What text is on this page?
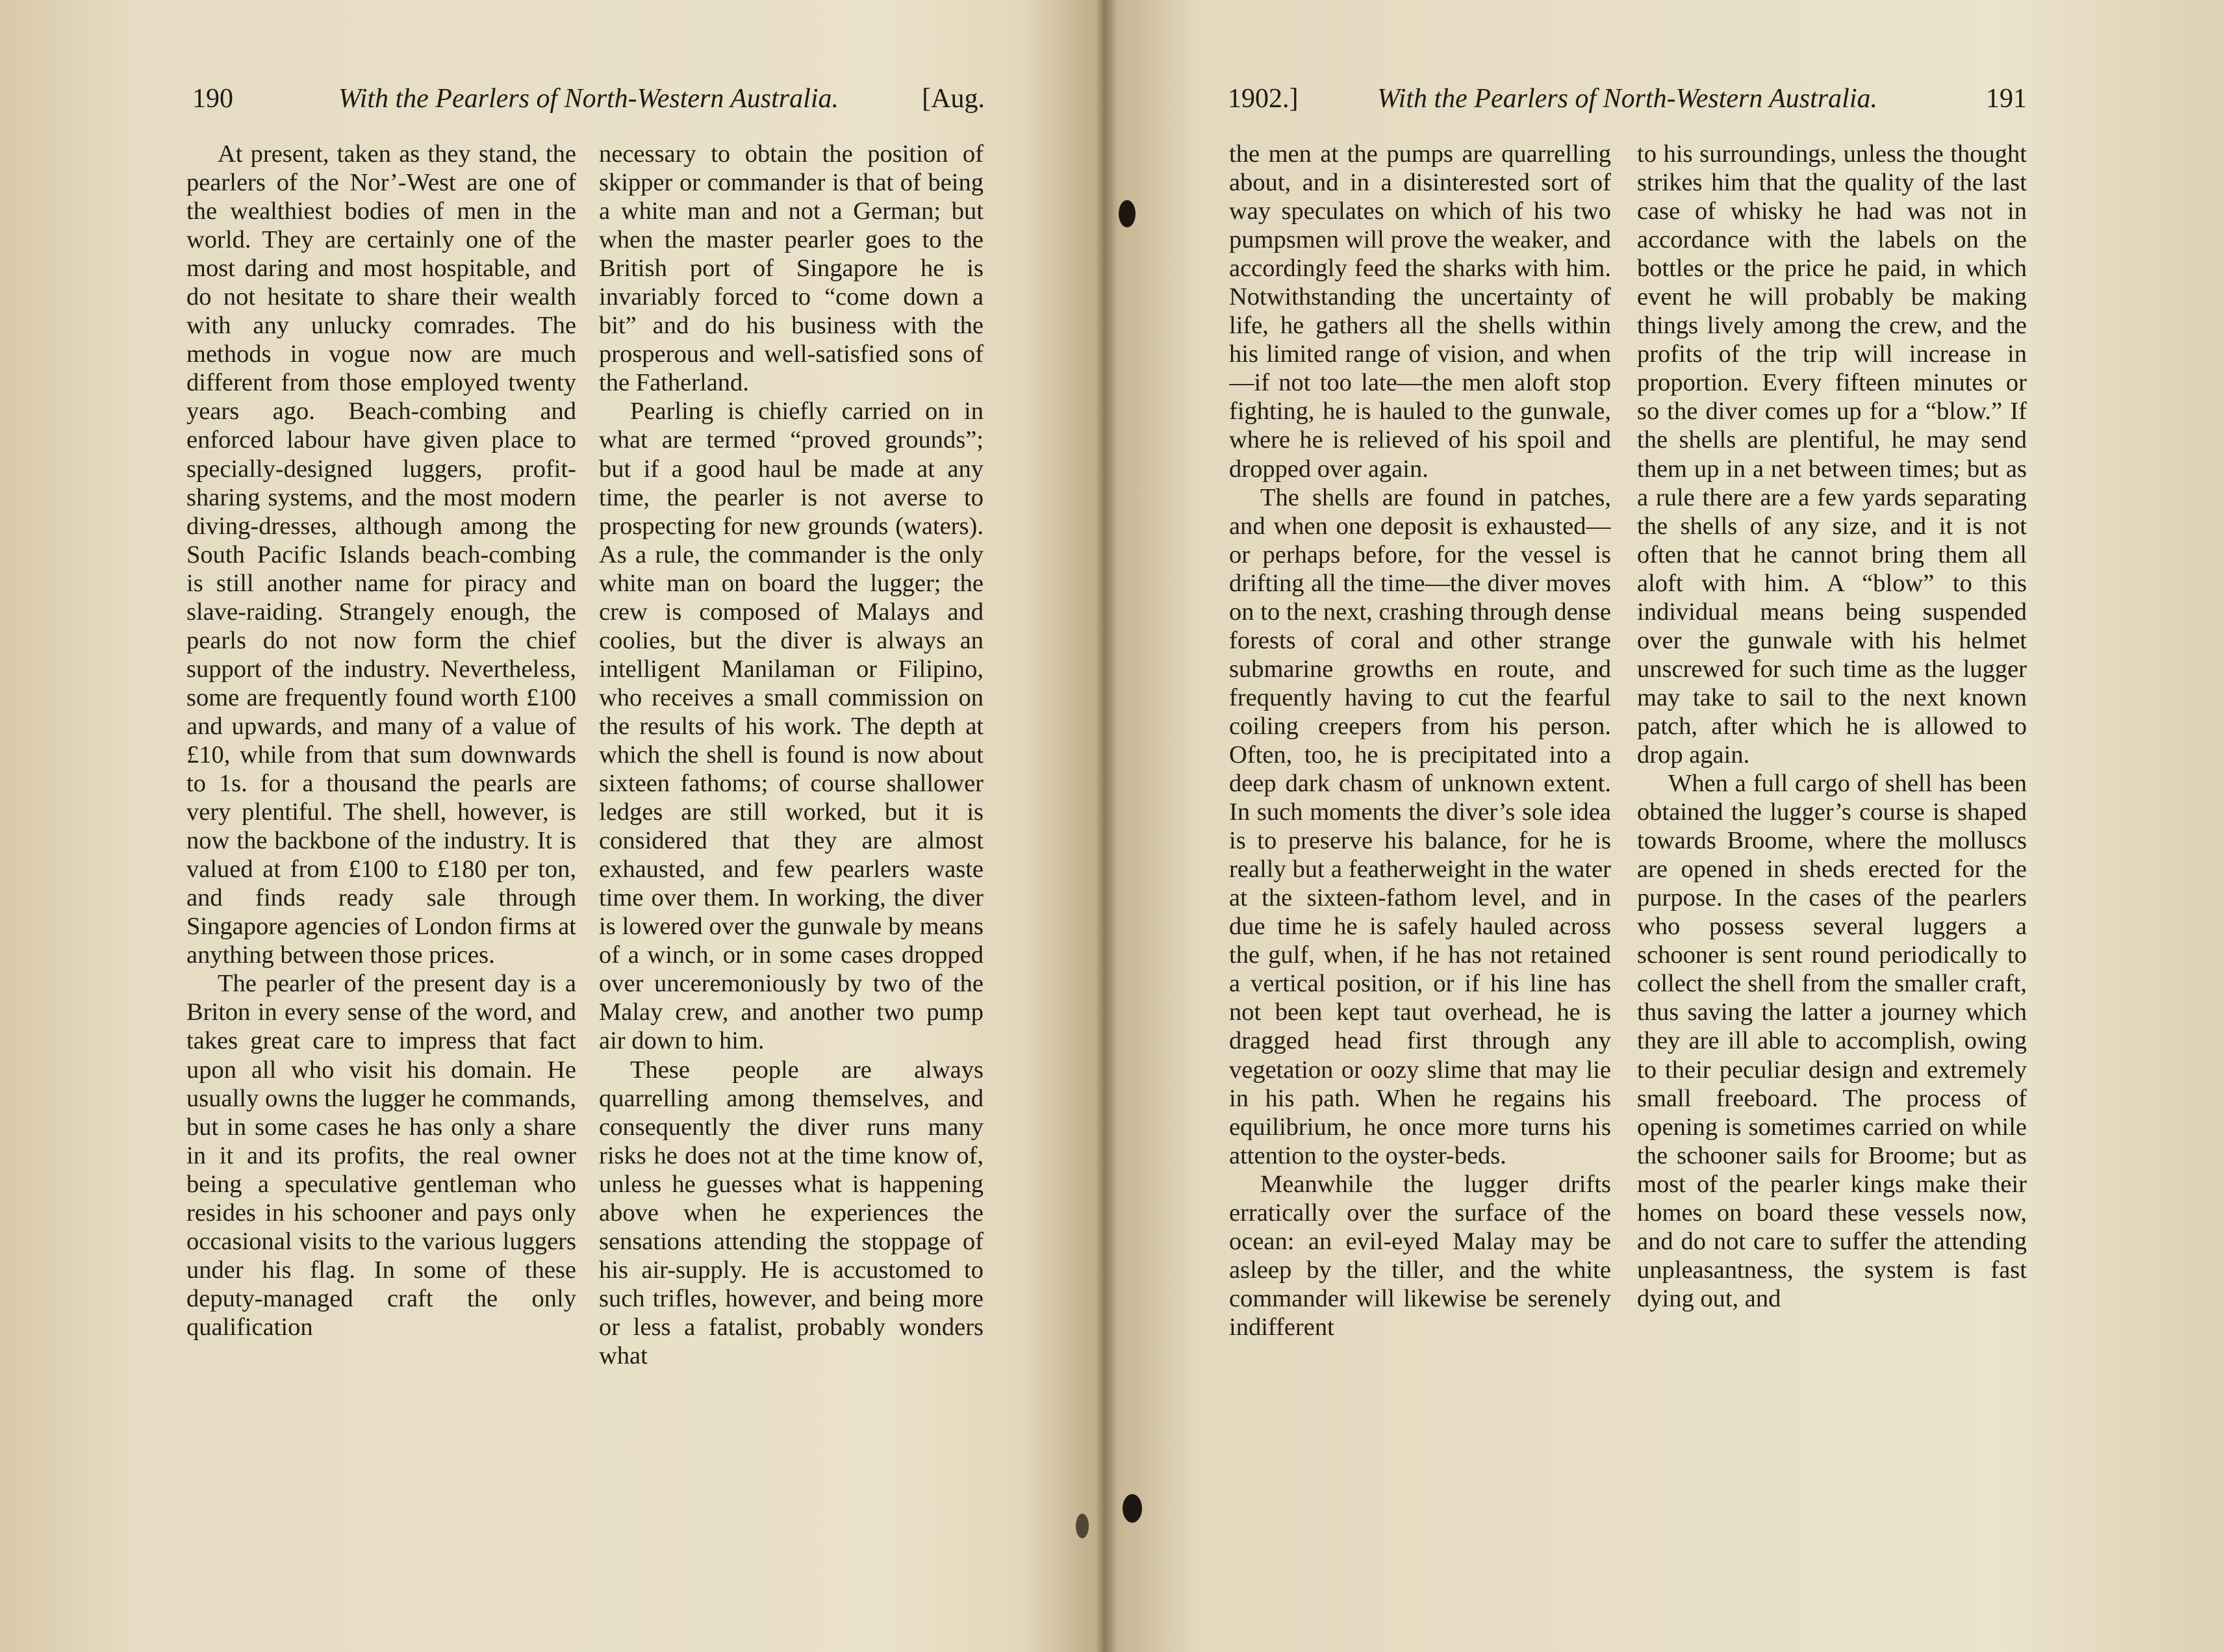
190	With the Pearlers of North-Western Australia.	[Aug.

At present, taken as they stand, the pearlers of the Nor’-West are one of the wealthiest bodies of men in the world. They are certainly one of the most daring and most hospitable, and do not hesitate to share their wealth with any unlucky comrades. The methods in vogue now are much different from those employed twenty years ago. Beach-combing and enforced labour have given place to specially-designed luggers, profit-sharing systems, and the most modern diving-dresses, although among the South Pacific Islands beach-combing is still another name for piracy and slave-raiding. Strangely enough, the pearls do not now form the chief support of the industry. Nevertheless, some are frequently found worth £100 and upwards, and many of a value of £10, while from that sum downwards to 1s. for a thousand the pearls are very plentiful. The shell, however, is now the backbone of the industry. It is valued at from £100 to £180 per ton, and finds ready sale through Singapore agencies of London firms at anything between those prices.

The pearler of the present day is a Briton in every sense of the word, and takes great care to impress that fact upon all who visit his domain. He usually owns the lugger he commands, but in some cases he has only a share in it and its profits, the real owner being a speculative gentleman who resides in his schooner and pays only occasional visits to the various luggers under his flag. In some of these deputy-managed craft the only qualification

necessary to obtain the position of skipper or commander is that of being a white man and not a German; but when the master pearler goes to the British port of Singapore he is invariably forced to “come down a bit” and do his business with the prosperous and well-satisfied sons of the Fatherland.

Pearling is chiefly carried on in what are termed “proved grounds”; but if a good haul be made at any time, the pearler is not averse to prospecting for new grounds (waters). As a rule, the commander is the only white man on board the lugger; the crew is composed of Malays and coolies, but the diver is always an intelligent Manilaman or Filipino, who receives a small commission on the results of his work. The depth at which the shell is found is now about sixteen fathoms; of course shallower ledges are still worked, but it is considered that they are almost exhausted, and few pearlers waste time over them. In working, the diver is lowered over the gunwale by means of a winch, or in some cases dropped over unceremoniously by two of the Malay crew, and another two pump air down to him.

These people are always quarrelling among themselves, and consequently the diver runs many risks he does not at the time know of, unless he guesses what is happening above when he experiences the sensations attending the stoppage of his air-supply. He is accustomed to such trifles, however, and being more or less a fatalist, probably wonders what

1902.]	With the Pearlers of North-Western Australia.	191

the men at the pumps are quarrelling about, and in a disinterested sort of way speculates on which of his two pumpsmen will prove the weaker, and accordingly feed the sharks with him. Notwithstanding the uncertainty of life, he gathers all the shells within his limited range of vision, and when—if not too late—the men aloft stop fighting, he is hauled to the gunwale, where he is relieved of his spoil and dropped over again.

The shells are found in patches, and when one deposit is exhausted—or perhaps before, for the vessel is drifting all the time—the diver moves on to the next, crashing through dense forests of coral and other strange submarine growths en route, and frequently having to cut the fearful coiling creepers from his person. Often, too, he is precipitated into a deep dark chasm of unknown extent. In such moments the diver’s sole idea is to preserve his balance, for he is really but a featherweight in the water at the sixteen-fathom level, and in due time he is safely hauled across the gulf, when, if he has not retained a vertical position, or if his line has not been kept taut overhead, he is dragged head first through any vegetation or oozy slime that may lie in his path. When he regains his equilibrium, he once more turns his attention to the oyster-beds.

Meanwhile the lugger drifts erratically over the surface of the ocean: an evil-eyed Malay may be asleep by the tiller, and the white commander will likewise be serenely indifferent

to his surroundings, unless the thought strikes him that the quality of the last case of whisky he had was not in accordance with the labels on the bottles or the price he paid, in which event he will probably be making things lively among the crew, and the profits of the trip will increase in proportion. Every fifteen minutes or so the diver comes up for a “blow.” If the shells are plentiful, he may send them up in a net between times; but as a rule there are a few yards separating the shells of any size, and it is not often that he cannot bring them all aloft with him. A “blow” to this individual means being suspended over the gunwale with his helmet unscrewed for such time as the lugger may take to sail to the next known patch, after which he is allowed to drop again.

When a full cargo of shell has been obtained the lugger’s course is shaped towards Broome, where the molluscs are opened in sheds erected for the purpose. In the cases of the pearlers who possess several luggers a schooner is sent round periodically to collect the shell from the smaller craft, thus saving the latter a journey which they are ill able to accomplish, owing to their peculiar design and extremely small freeboard. The process of opening is sometimes carried on while the schooner sails for Broome; but as most of the pearler kings make their homes on board these vessels now, and do not care to suffer the attending unpleasantness, the system is fast dying out, and
